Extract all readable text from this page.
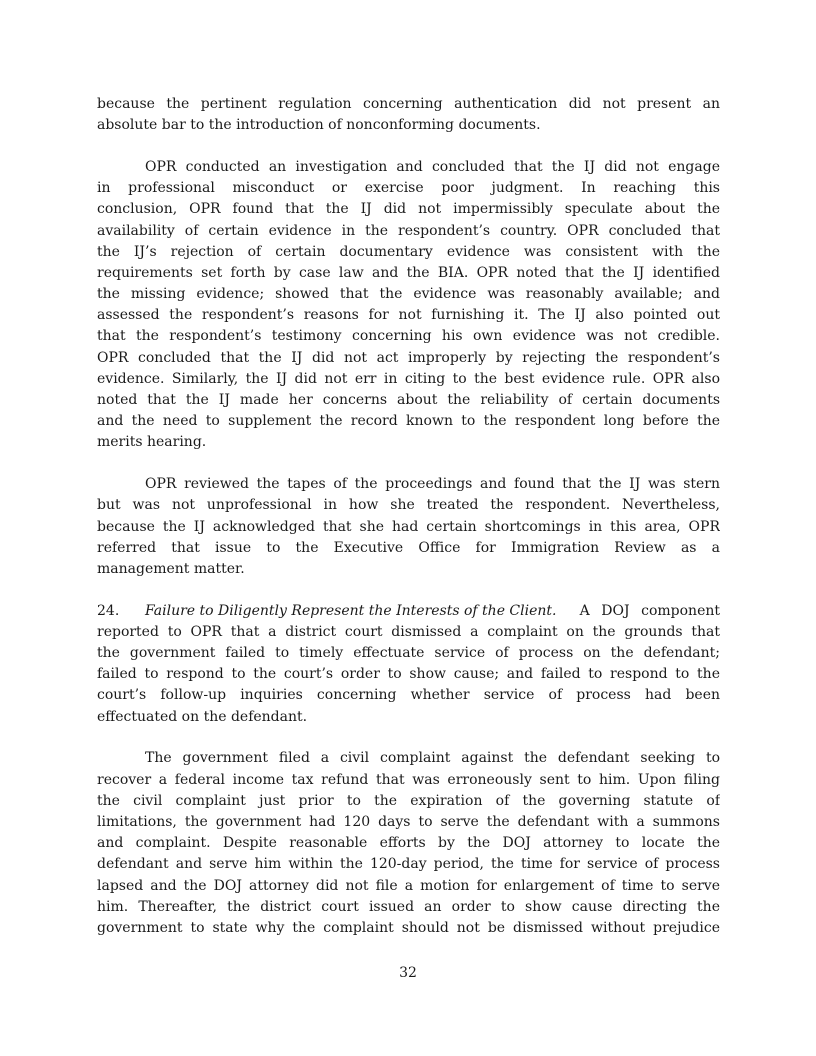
because the pertinent regulation concerning authentication did not present an
absolute bar to the introduction of nonconforming documents.
OPR conducted an investigation and concluded that the IJ did not engage
in professional misconduct or exercise poor judgment. In reaching this
conclusion, OPR found that the IJ did not impermissibly speculate about the
availability of certain evidence in the respondent’s country. OPR concluded that
the IJ’s rejection of certain documentary evidence was consistent with the
requirements set forth by case law and the BIA. OPR noted that the IJ identified
the missing evidence; showed that the evidence was reasonably available; and
assessed the respondent’s reasons for not furnishing it. The IJ also pointed out
that the respondent’s testimony concerning his own evidence was not credible.
OPR concluded that the IJ did not act improperly by rejecting the respondent’s
evidence. Similarly, the IJ did not err in citing to the best evidence rule. OPR also
noted that the IJ made her concerns about the reliability of certain documents
and the need to supplement the record known to the respondent long before the
merits hearing.
OPR reviewed the tapes of the proceedings and found that the IJ was stern
but was not unprofessional in how she treated the respondent. Nevertheless,
because the IJ acknowledged that she had certain shortcomings in this area, OPR
referred that issue to the Executive Office for Immigration Review as a
management matter.
24.	Failure to Diligently Represent the Interests of the Client. A DOJ component
reported to OPR that a district court dismissed a complaint on the grounds that
the government failed to timely effectuate service of process on the defendant;
failed to respond to the court’s order to show cause; and failed to respond to the
court’s follow-up inquiries concerning whether service of process had been
effectuated on the defendant.
The government filed a civil complaint against the defendant seeking to
recover a federal income tax refund that was erroneously sent to him. Upon filing
the civil complaint just prior to the expiration of the governing statute of
limitations, the government had 120 days to serve the defendant with a summons
and complaint. Despite reasonable efforts by the DOJ attorney to locate the
defendant and serve him within the 120-day period, the time for service of process
lapsed and the DOJ attorney did not file a motion for enlargement of time to serve
him. Thereafter, the district court issued an order to show cause directing the
government to state why the complaint should not be dismissed without prejudice
32
